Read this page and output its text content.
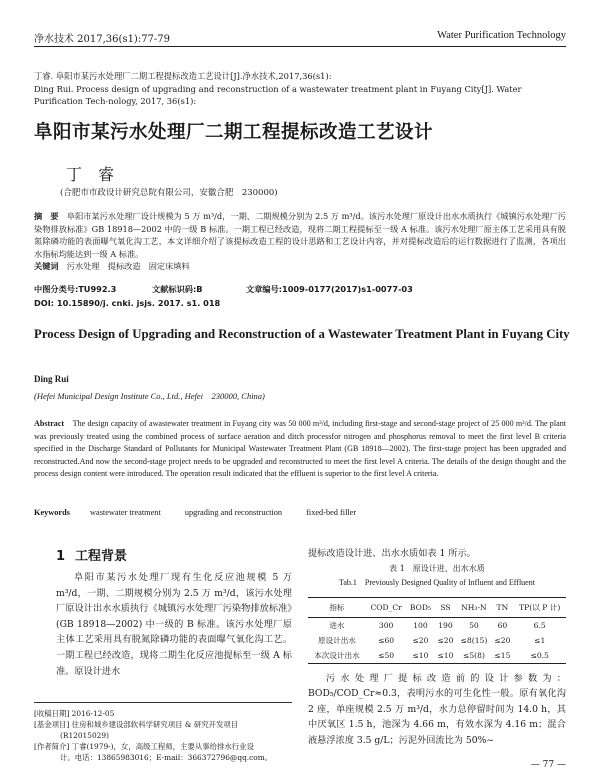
净水技术 2017,36(s1):77-79	Water Purification Technology

丁睿. 阜阳市某污水处理厂二期工程提标改造工艺设计[J].净水技术,2017,36(s1):

Ding Rui. Process design of upgrading and reconstruction of a wastewater treatment plant in Fuyang City[J]. Water Purification Tech-nology, 2017, 36(s1):

阜阳市某污水处理厂二期工程提标改造工艺设计
丁　睿
(合肥市市政设计研究总院有限公司，安徽合肥　230000)

摘　要　 阜阳市某污水处理厂设计规模为 5 万 m³/d，一期、二期规模分别为 2.5 万 m³/d。该污水处理厂原设计出水水质执行《城镇污水处理厂污染物排放标准》GB 18918—2002 中的一级 B 标准。一期工程已经改造，现将二期工程提标至一级 A 标准。该污水处理厂原主体工艺采用具有脱氮除磷功能的表面曝气氧化沟工艺，本文详细介绍了该提标改造工程的设计思路和工艺设计内容，并对提标改造后的运行数据进行了监测，各项出水指标均能达到一级 A 标准。

关键词　 污水处理　 提标改造　 固定床填料

中图分类号:TU992.3	文献标识码:B	文章编号:1009-0177(2017)s1-0077-03
DOI: 10.15890/j. cnki. jsjs. 2017. s1. 018
Process Design of Upgrading and Reconstruction of a Wastewater Treatment Plant in Fuyang City
Ding Rui
(Hefei Municipal Design Institute Co., Ltd., Hefei　230000, China)

Abstract　 The design capacity of awastewater treatment in Fuyang city was 50 000 m³/d, including first-stage and second-stage project of 25 000 m³/d. The plant was previously treated using the combined process of surface aeration and ditch processfor nitrogen and phosphorus removal to meet the first level B criteria specified in the Discharge Standard of Pollutants for Municipal Wastewater Treatment Plant (GB 18918—2002). The first-stage project has been upgraded and reconstructed.And now the second-stage project needs to be upgraded and reconstructed to meet the first level A criteria. The details of the design thought and the process design content were introduced. The operation result indicated that the effluent is superior to the first level A criteria.

Keywords wastewater treatment	upgrading and reconstruction	fixed-bed filler
1 工程背景

阜阳市某污水处理厂现有生化反应池规模 5 万 m³/d，一期、二期规模分别为 2.5 万 m³/d，该污水处理厂原设计出水水质执行《城镇污水处理厂污染物排放标准》(GB 18918—2002) 中一级的 B 标准。该污水处理厂原主体工艺采用具有脱氮除磷功能的表面曝气氧化沟工艺。一期工程已经改造，现将二期生化反应池提标至一级 A 标准。原设计进水

[收稿日期] 2016-12-05

[基金项目] 住房和城乡建设部软科学研究项目 & 研究开发项目

(R12015029)

[作者简介] 丁睿(1979-)，女，高级工程师，主要从事给排水行业设

计。电话：13865983016；E-mail：366372796@qq.com。

提标改造设计进、出水水质如表 1 所示。
表 1　原设计进、出水水质
Tab.1　Previously Designed Quality of Influent and Effluent
指标	COD_Cr	BOD₅	SS	NH₃-N	TN	TP(以 P 计)
进水	300	100	190	50	60	6.5
原设计出水	≤60	≤20	≤20	≤8(15)	≤20	≤1
本次设计出水	≤50	≤10	≤10	≤5(8)	≤15	≤0.5

污水处理厂提标改造前的设计参数为：BOD₅/COD_Cr≈0.3，表明污水的可生化性一般。原有氧化沟 2 座，单座规模 2.5 万 m³/d，水力总停留时间为 14.0 h，其中厌氧区 1.5 h，池深为 4.66 m，有效水深为 4.16 m；混合液悬浮浓度 3.5 g/L；污泥外回流比为 50%~

— 77 —
